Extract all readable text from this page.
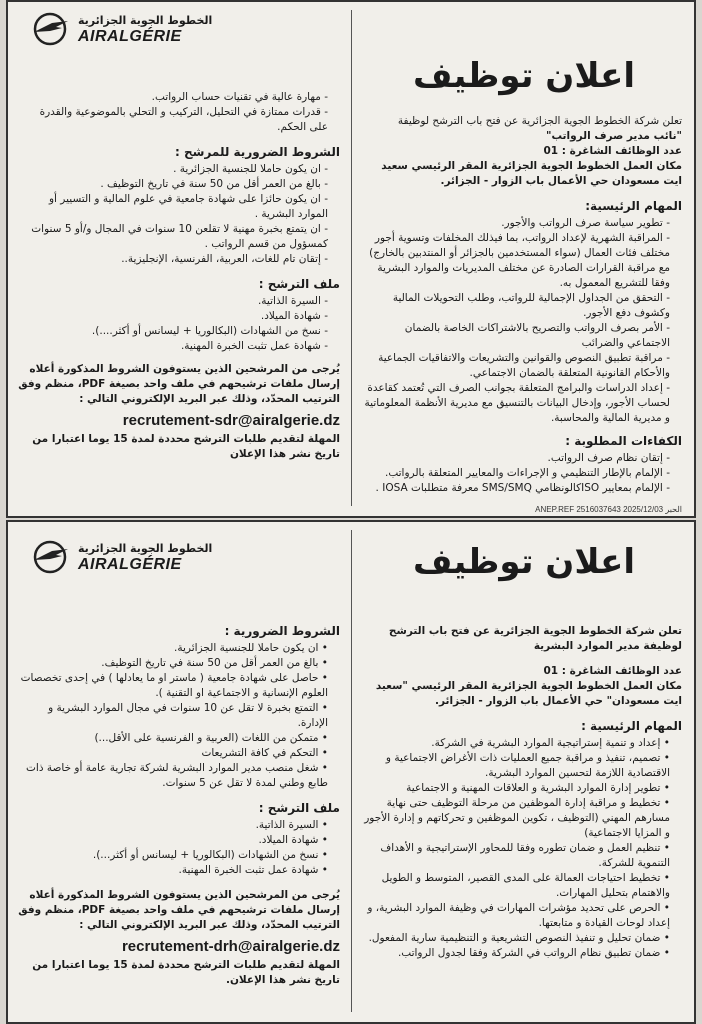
اعلان توظيف

تعلن شركة الخطوط الجوية الجزائرية عن فتح باب الترشح لوظيفة

"نائب مدير صرف الرواتب"

عدد الوظائف الشاغرة : 01

مكان العمل الخطوط الجوية الجزائرية المقر الرئيسي سعيد ايت مسعودان حي الأعمال باب الزوار - الجزائر.

المهام الرئيسية:

- تطوير سياسة صرف الرواتب والأجور.
- المراقبة الشهرية لإعداد الرواتب، بما فيذلك المخلفات وتسوية أجور مختلف فئات العمال (سواء المستخدمين بالجزائر أو المنتدبين بالخارج) مع مراقبة القرارات الصادرة عن مختلف المديريات والموارد البشرية وفقا للتشريع المعمول به.
- التحقق من الجداول الإجمالية للرواتب، وطلب التحويلات المالية وكشوف دفع الأجور.
- الأمر بصرف الرواتب والتصريح بالاشتراكات الخاصة بالضمان الاجتماعي والضرائب
- مراقبة تطبيق النصوص والقوانين والتشريعات والاتفاقيات الجماعية والأحكام القانونية المتعلقة بالضمان الاجتماعي.
- إعداد الدراسات والبرامج المتعلقة بجوانب الصرف التي تُعتمد كقاعدة لحساب الأجور، وإدخال البيانات بالتنسيق مع مديرية الأنظمة المعلوماتية و مديرية المالية والمحاسبة.

الكفاءات المطلوبة :

- إتقان نظام صرف الرواتب.
- الإلمام بالإطار التنظيمي و الإجراءات والمعايير المتعلقة بالرواتب.
- الإلمام بمعايير ISOكالونظامي SMS/SMQ معرفة متطلبات IOSA .
ANEP.REF 2516037643 2025/12/03 الحبر
الخطوط الجوية الجزائرية
AIRALGÉRIE
- مهارة عالية في تقنيات حساب الرواتب.
- قدرات ممتازة في التحليل، التركيب و التحلي بالموضوعية والقدرة على الحكم.

الشروط الضرورية للمرشح :

- ان يكون حاملا للجنسية الجزائرية .
- بالغ من العمر أقل من 50 سنة في تاريخ التوظيف .
- ان يكون حائزا على شهادة جامعية في علوم المالية و التسيير أو الموارد البشرية .
- ان يتمتع بخبرة مهنية لا تقلعن 10 سنوات في المجال و/أو 5 سنوات كمسؤول من قسم الرواتب .
- إتقان تام للغات، العربية، الفرنسية، الإنجليزية..

ملف الترشح :

- السيرة الذاتية.
- شهادة الميلاد.
- نسخ من الشهادات (البكالوريا + ليسانس أو أكثر....).
- شهادة عمل تثبت الخبرة المهنية.

يُرجى من المرشحين الذين يستوفون الشروط المذكورة أعلاه إرسال ملفات ترشيحهم في ملف واحد بصيغة PDF، منظم وفق الترتيب المحدّد، وذلك عبر البريد الإلكتروني التالي :

recrutement-sdr@airalgerie.dz

المهلة لتقديم طلبات الترشح محددة لمدة 15 يوما اعتبارا من تاريخ نشر هذا الإعلان

اعلان توظيف

تعلن شركة الخطوط الجوية الجزائرية عن فتح باب الترشح لوظيفة مدير الموارد البشرية

عدد الوظائف الشاغرة : 01

مكان العمل الخطوط الجوية الجزائرية المقر الرئيسي "سعيد ايت مسعودان" حي الأعمال باب الزوار - الجزائر.

المهام الرئيسية :

• إعداد و تنمية إستراتيجية الموارد البشرية في الشركة.
• تصميم، تنفيذ و مراقبة جميع العمليات ذات الأغراض الاجتماعية و الاقتصادية اللازمة لتحسين الموارد البشرية.
• تطوير إدارة الموارد البشرية و العلاقات المهنية و الاجتماعية
• تخطيط و مراقبة إدارة الموظفين من مرحلة التوظيف حتى نهاية مسارهم المهني (التوظيف ، تكوين الموظفين و تحركاتهم و إدارة الأجور و المزايا الاجتماعية)
• تنظيم العمل و ضمان تطوره وفقا للمحاور الإستراتيجية و الأهداف التنموية للشركة.
• تخطيط احتياجات العمالة على المدى القصير، المتوسط و الطويل والاهتمام بتحليل المهارات.
• الحرص على تحديد مؤشرات المهارات في وظيفة الموارد البشرية، و إعداد لوحات القيادة و متابعتها.
• ضمان تحليل و تنفيذ النصوص التشريعية و التنظيمية سارية المفعول.
• ضمان تطبيق نظام الرواتب في الشركة وفقا لجدول الرواتب.
الخطوط الجوية الجزائرية
AIRALGÉRIE

الشروط الضرورية :

• ان يكون حاملا للجنسية الجزائرية.
• بالغ من العمر أقل من 50 سنة في تاريخ التوظيف.
• حاصل على شهادة جامعية ( ماستر او ما يعادلها ) في إحدى تخصصات العلوم الإنسانية و الاجتماعية او التقنية ).
• التمتع بخبرة لا تقل عن 10 سنوات في مجال الموارد البشرية و الإدارة.
• متمكن من اللغات (العربية و الفرنسية على الأقل...)
• التحكم في كافة التشريعات
• شغل منصب مدير الموارد البشرية لشركة تجارية عامة أو خاصة ذات طابع وطني لمدة لا تقل عن 5 سنوات.

ملف الترشح :

• السيرة الذاتية.
• شهادة الميلاد.
• نسخ من الشهادات (البكالوريا + ليسانس أو أكثر...).
• شهادة عمل تثبت الخبرة المهنية.

يُرجى من المرشحين الذين يستوفون الشروط المذكورة أعلاه إرسال ملفات ترشيحهم في ملف واحد بصيغة PDF، منظم وفق الترتيب المحدّد، وذلك عبر البريد الإلكتروني التالي :

recrutement-drh@airalgerie.dz

المهلة لتقديم طلبات الترشح محددة لمدة 15 يوما اعتبارا من تاريخ نشر هذا الإعلان.
